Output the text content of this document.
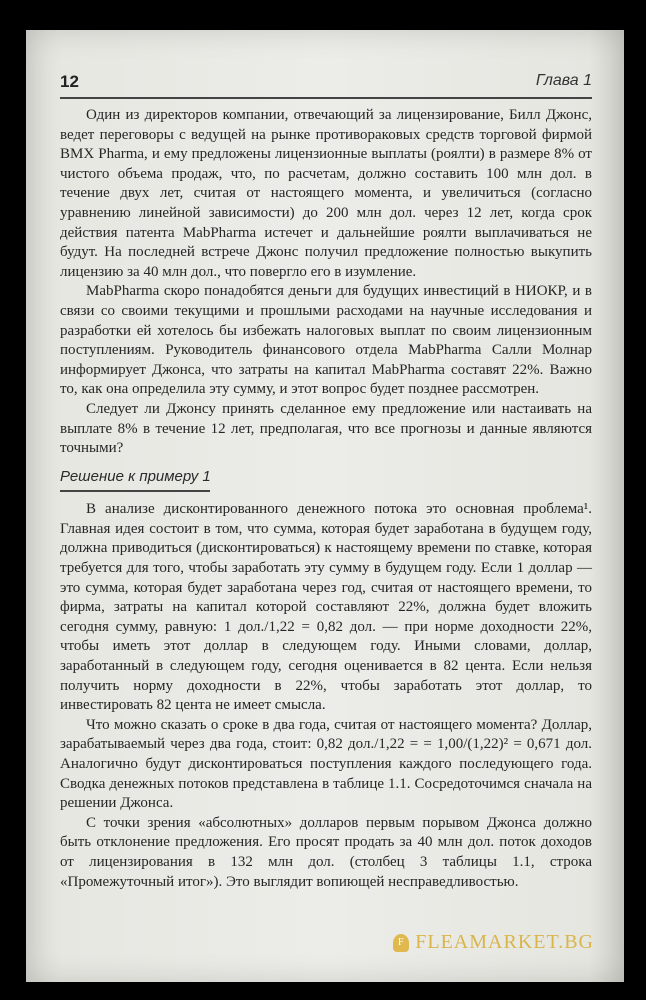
12	Глава 1

Один из директоров компании, отвечающий за лицензирование, Билл Джонс, ведет переговоры с ведущей на рынке противораковых средств торговой фирмой BMX Pharma, и ему предложены лицензионные выплаты (роялти) в размере 8% от чистого объема продаж, что, по расчетам, должно составить 100 млн дол. в течение двух лет, считая от настоящего момента, и увеличиться (согласно уравнению линейной зависимости) до 200 млн дол. через 12 лет, когда срок действия патента MabPharma истечет и дальнейшие роялти выплачиваться не будут. На последней встрече Джонс получил предложение полностью выкупить лицензию за 40 млн дол., что повергло его в изумление.

MabPharma скоро понадобятся деньги для будущих инвестиций в НИОКР, и в связи со своими текущими и прошлыми расходами на научные исследования и разработки ей хотелось бы избежать налоговых выплат по своим лицензионным поступлениям. Руководитель финансового отдела MabPharma Салли Молнар информирует Джонса, что затраты на капитал MabPharma составят 22%. Важно то, как она определила эту сумму, и этот вопрос будет позднее рассмотрен.

Следует ли Джонсу принять сделанное ему предложение или настаивать на выплате 8% в течение 12 лет, предполагая, что все прогнозы и данные являются точными?

Решение к примеру 1

В анализе дисконтированного денежного потока это основная проблема¹. Главная идея состоит в том, что сумма, которая будет заработана в будущем году, должна приводиться (дисконтироваться) к настоящему времени по ставке, которая требуется для того, чтобы заработать эту сумму в будущем году. Если 1 доллар — это сумма, которая будет заработана через год, считая от настоящего времени, то фирма, затраты на капитал которой составляют 22%, должна будет вложить сегодня сумму, равную: 1 дол./1,22 = 0,82 дол. — при норме доходности 22%, чтобы иметь этот доллар в следующем году. Иными словами, доллар, заработанный в следующем году, сегодня оценивается в 82 цента. Если нельзя получить норму доходности в 22%, чтобы заработать этот доллар, то инвестировать 82 цента не имеет смысла.

Что можно сказать о сроке в два года, считая от настоящего момента? Доллар, зарабатываемый через два года, стоит: 0,82 дол./1,22 = = 1,00/(1,22)² = 0,671 дол. Аналогично будут дисконтироваться поступления каждого последующего года. Сводка денежных потоков представлена в таблице 1.1. Сосредоточимся сначала на решении Джонса.

С точки зрения «абсолютных» долларов первым порывом Джонса должно быть отклонение предложения. Его просят продать за 40 млн дол. поток доходов от лицензирования в 132 млн дол. (столбец 3 таблицы 1.1, строка «Промежуточный итог»). Это выглядит вопиющей несправедливостью.

F FLEAMARKET.BG
